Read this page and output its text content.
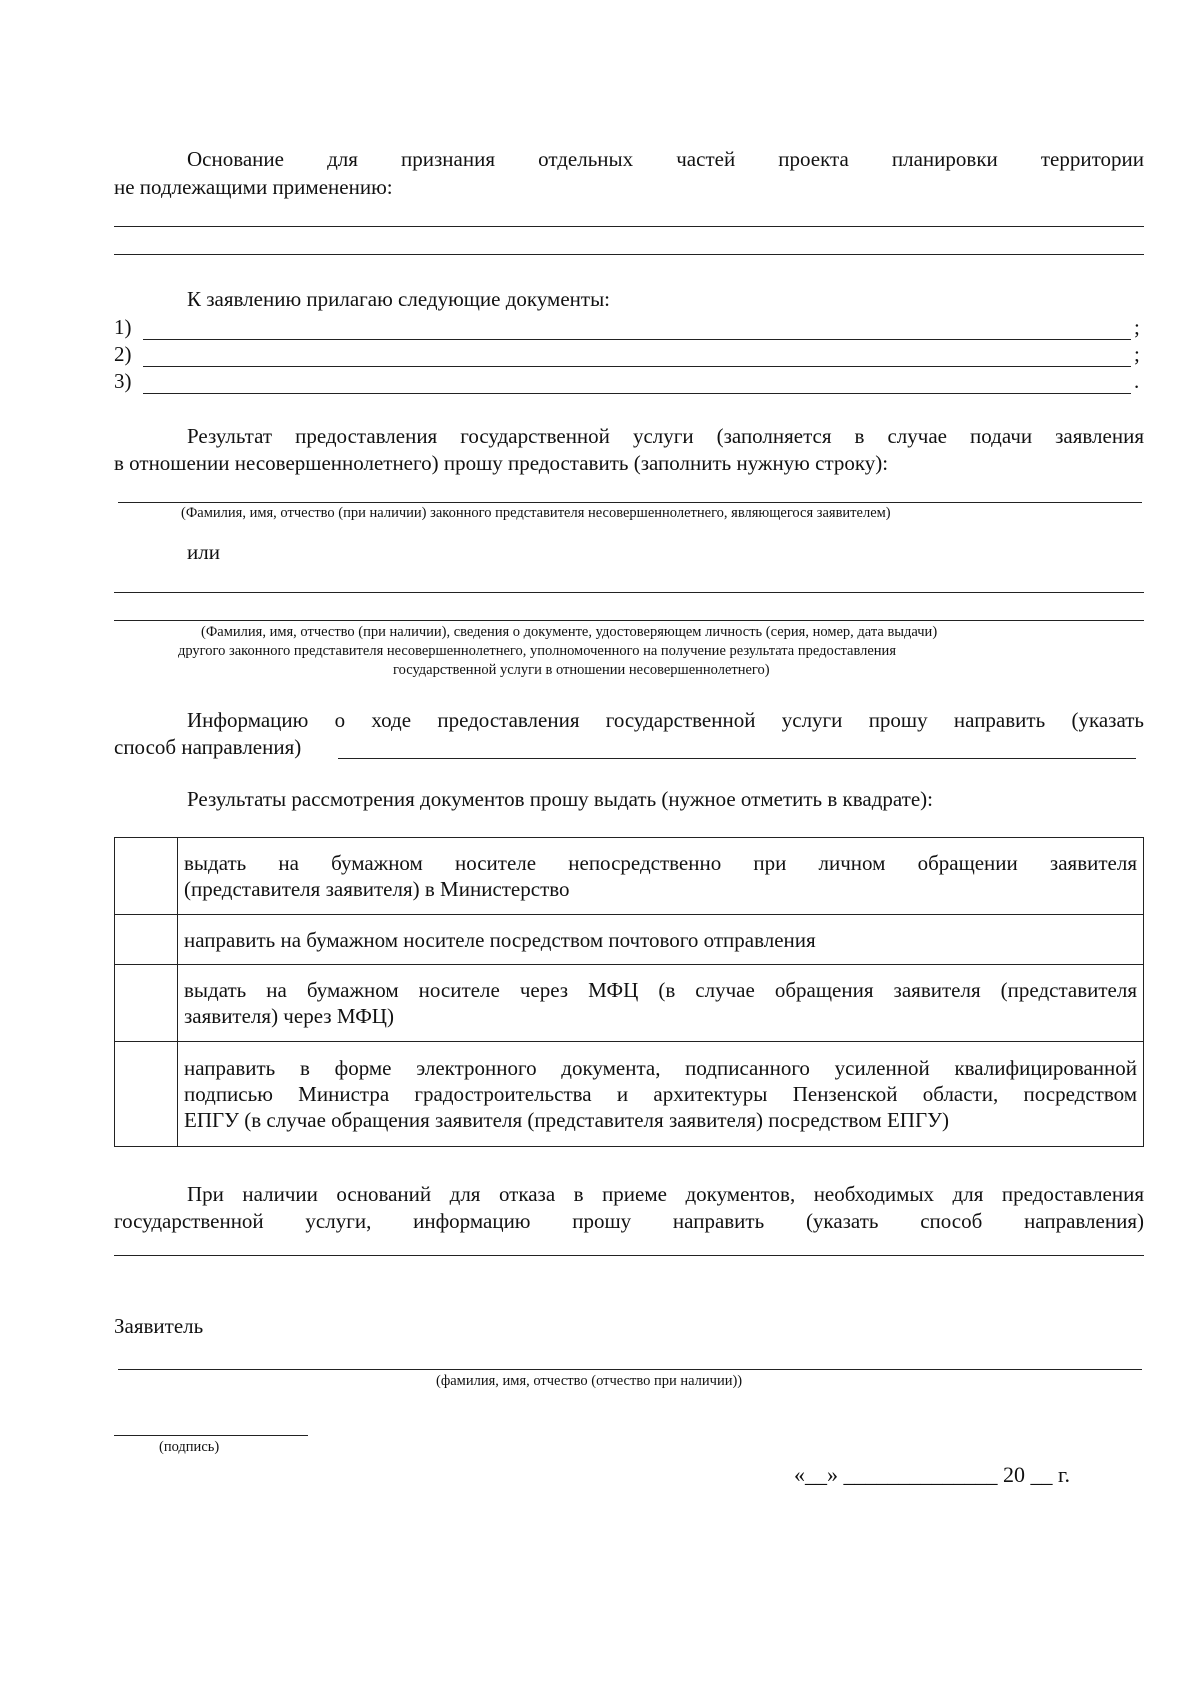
Основание для признания отдельных частей проекта планировки территории
не подлежащими применению:
К заявлению прилагаю следующие документы:
1)	;
2)	;
3)	.
Результат предоставления государственной услуги (заполняется в случае подачи заявления
в отношении несовершеннолетнего) прошу предоставить (заполнить нужную строку):
(Фамилия, имя, отчество (при наличии) законного представителя несовершеннолетнего, являющегося заявителем)
или
(Фамилия, имя, отчество (при наличии), сведения о документе, удостоверяющем личность (серия, номер, дата выдачи)
другого законного представителя несовершеннолетнего, уполномоченного на получение результата предоставления
государственной услуги в отношении несовершеннолетнего)
Информацию о ходе предоставления государственной услуги прошу направить (указать
способ направления)
Результаты рассмотрения документов прошу выдать (нужное отметить в квадрате):

	выдать на бумажном носителе непосредственно при личном обращении заявителя
(представителя заявителя) в Министерство

	направить на бумажном носителе посредством почтового отправления

	выдать на бумажном носителе через МФЦ (в случае обращения заявителя (представителя
заявителя) через МФЦ)

	направить в форме электронного документа, подписанного усиленной квалифицированной
подписью Министра градостроительства и архитектуры Пензенской области, посредством
ЕПГУ (в случае обращения заявителя (представителя заявителя) посредством ЕПГУ)
При наличии оснований для отказа в приеме документов, необходимых для предоставления
государственной услуги, информацию прошу направить (указать способ направления)
Заявитель
(фамилия, имя, отчество (отчество при наличии))
(подпись)
«__» ______________ 20 __ г.
